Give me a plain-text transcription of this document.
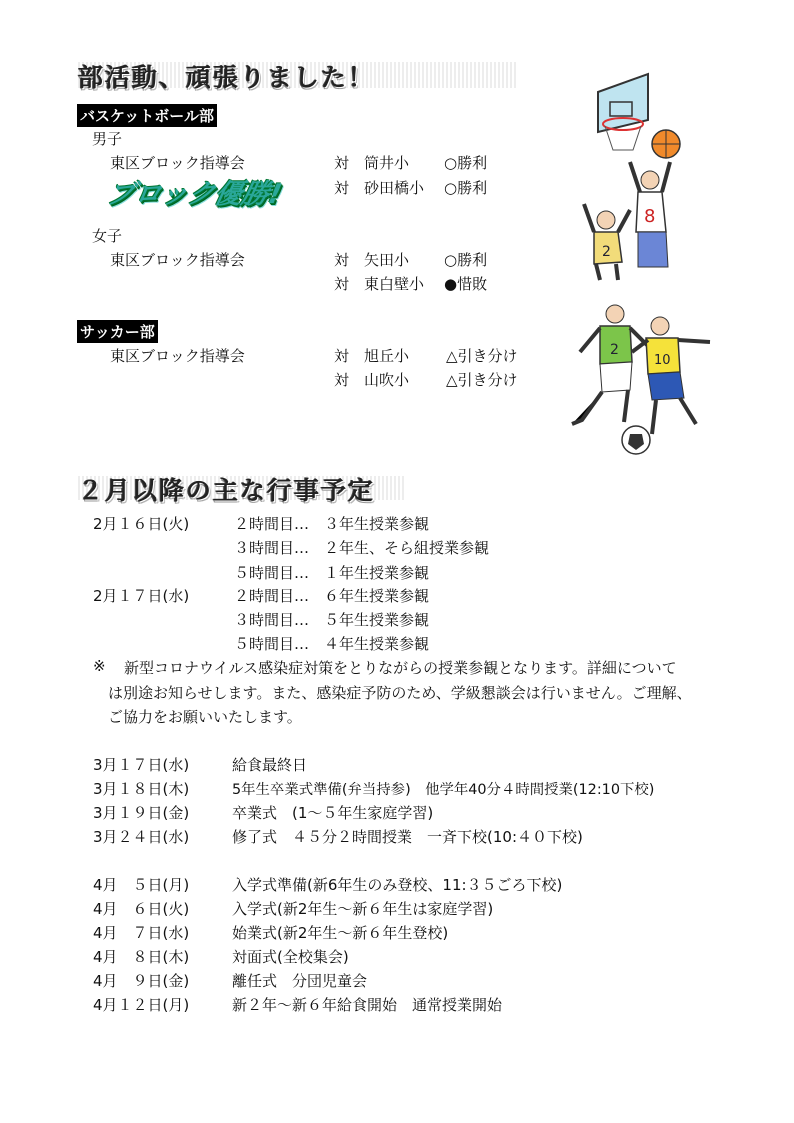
部活動、頑張りました！
バスケットボール部
男子
東区ブロック指導会
ブロック優勝!
対 筒井小 ○勝利
対 砂田橋小 ○勝利
女子
東区ブロック指導会	対 矢田小 ○勝利
対 東白壁小 ●惜敗
8
2
サッカー部
東区ブロック指導会	対 旭丘小 △引き分け
対 山吹小 △引き分け
2
10
２月以降の主な行事予定
2月１６日(火)	２時間目…　３年生授業参観
３時間目…　２年生、そら組授業参観
５時間目…　１年生授業参観
2月１７日(水)	２時間目…　６年生授業参観
３時間目…　５年生授業参観
５時間目…　４年生授業参観
※ 新型コロナウイルス感染症対策をとりながらの授業参観となります。詳細について
は別途お知らせします。また、感染症予防のため、学級懇談会は行いません。ご理解、
ご協力をお願いいたします。
3月１７日(水)	給食最終日
3月１８日(木)	5年生卒業式準備(弁当持参)　他学年40分４時間授業(12:10下校)
3月１９日(金)	卒業式　(1～５年生家庭学習)
3月２４日(水)	修了式　４５分２時間授業　一斉下校(10:４０下校)
4月　５日(月)	入学式準備(新6年生のみ登校、11:３５ごろ下校)
4月　６日(火)	入学式(新2年生～新６年生は家庭学習)
4月　７日(水)	始業式(新2年生～新６年生登校)
4月　８日(木)	対面式(全校集会)
4月　９日(金)	離任式　分団児童会
4月１２日(月)	新２年～新６年給食開始　通常授業開始
